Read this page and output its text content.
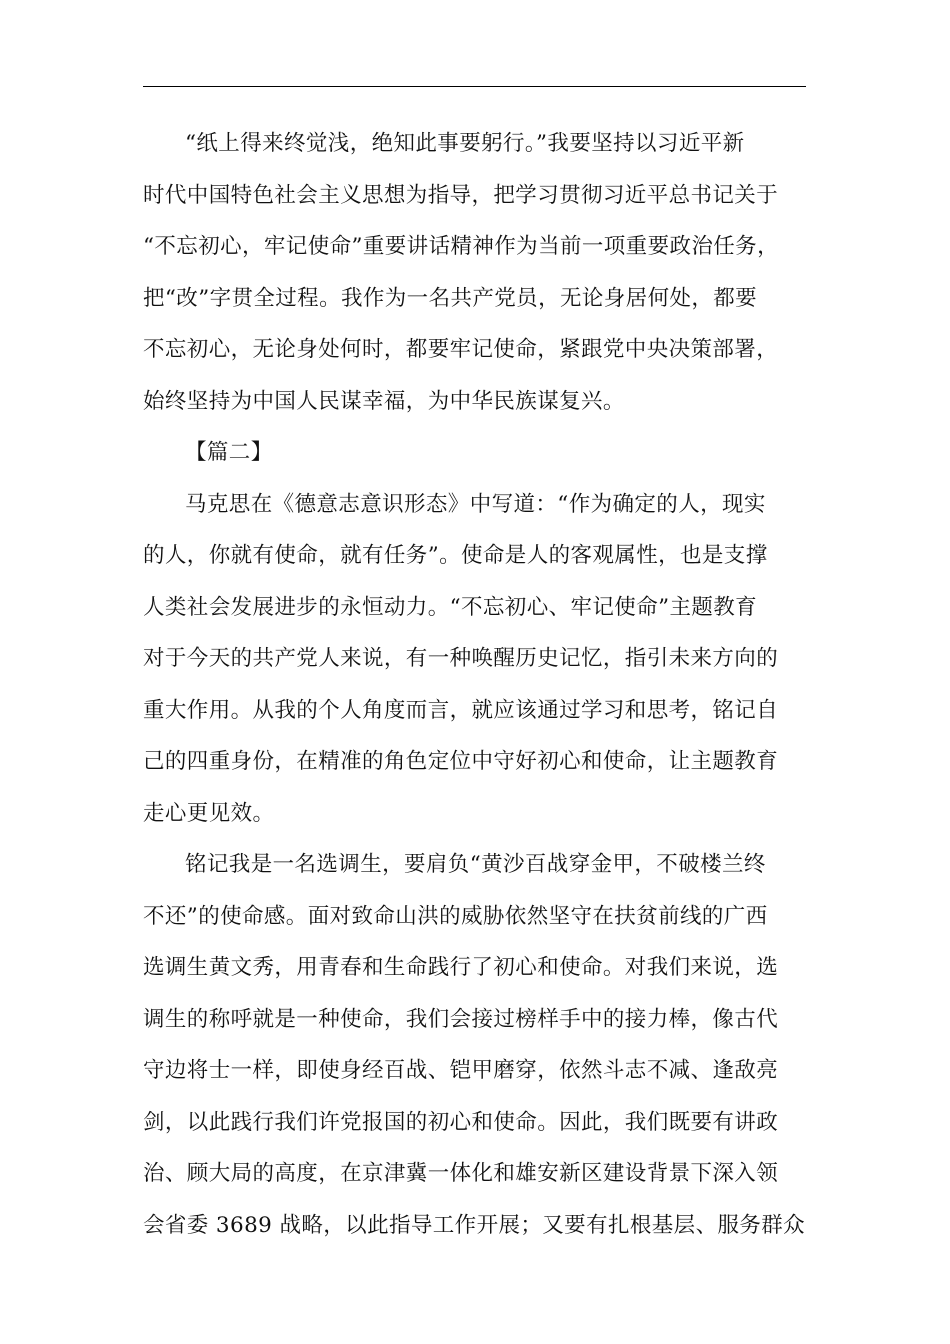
“纸上得来终觉浅，绝知此事要躬行。”我要坚持以习近平新
时代中国特色社会主义思想为指导，把学习贯彻习近平总书记关于
“不忘初心，牢记使命”重要讲话精神作为当前一项重要政治任务，
把“改”字贯全过程。我作为一名共产党员，无论身居何处，都要
不忘初心，无论身处何时，都要牢记使命，紧跟党中央决策部署，
始终坚持为中国人民谋幸福，为中华民族谋复兴。
【篇二】
马克思在《德意志意识形态》中写道：“作为确定的人，现实
的人，你就有使命，就有任务”。使命是人的客观属性，也是支撑
人类社会发展进步的永恒动力。“不忘初心、牢记使命”主题教育
对于今天的共产党人来说，有一种唤醒历史记忆，指引未来方向的
重大作用。从我的个人角度而言，就应该通过学习和思考，铭记自
己的四重身份，在精准的角色定位中守好初心和使命，让主题教育
走心更见效。
铭记我是一名选调生，要肩负“黄沙百战穿金甲，不破楼兰终
不还”的使命感。面对致命山洪的威胁依然坚守在扶贫前线的广西
选调生黄文秀，用青春和生命践行了初心和使命。对我们来说，选
调生的称呼就是一种使命，我们会接过榜样手中的接力棒，像古代
守边将士一样，即使身经百战、铠甲磨穿，依然斗志不减、逢敌亮
剑，以此践行我们许党报国的初心和使命。因此，我们既要有讲政
治、顾大局的高度，在京津冀一体化和雄安新区建设背景下深入领
会省委 3689 战略，以此指导工作开展；又要有扎根基层、服务群众
